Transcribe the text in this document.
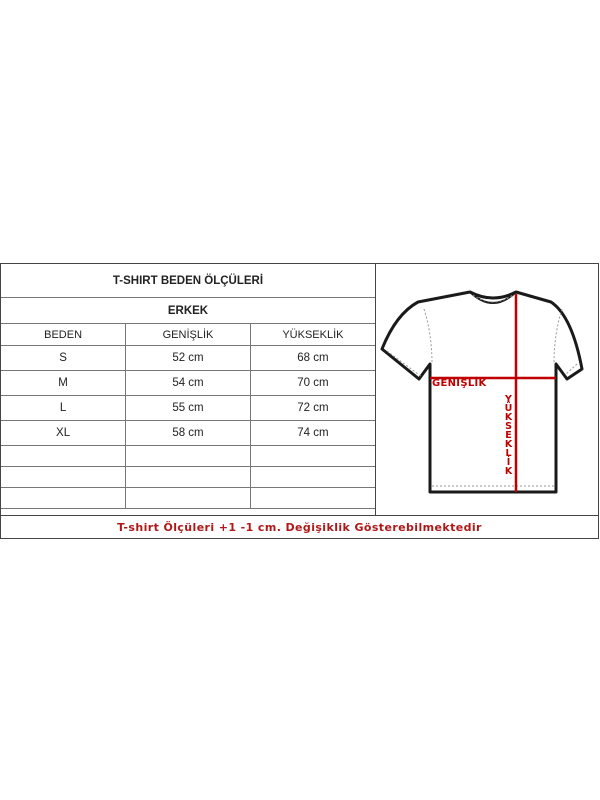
T-SHIRT BEDEN ÖLÇÜLERİ		
ERKEK		
BEDEN	GENİŞLİK	YÜKSEKLİK
S	52 cm	68 cm
M	54 cm	70 cm
L	55 cm	72 cm
XL	58 cm	74 cm

GENİŞLİK
YÜKSEKLİK
T-shirt Ölçüleri +1 -1 cm. Değişiklik Gösterebilmektedir
